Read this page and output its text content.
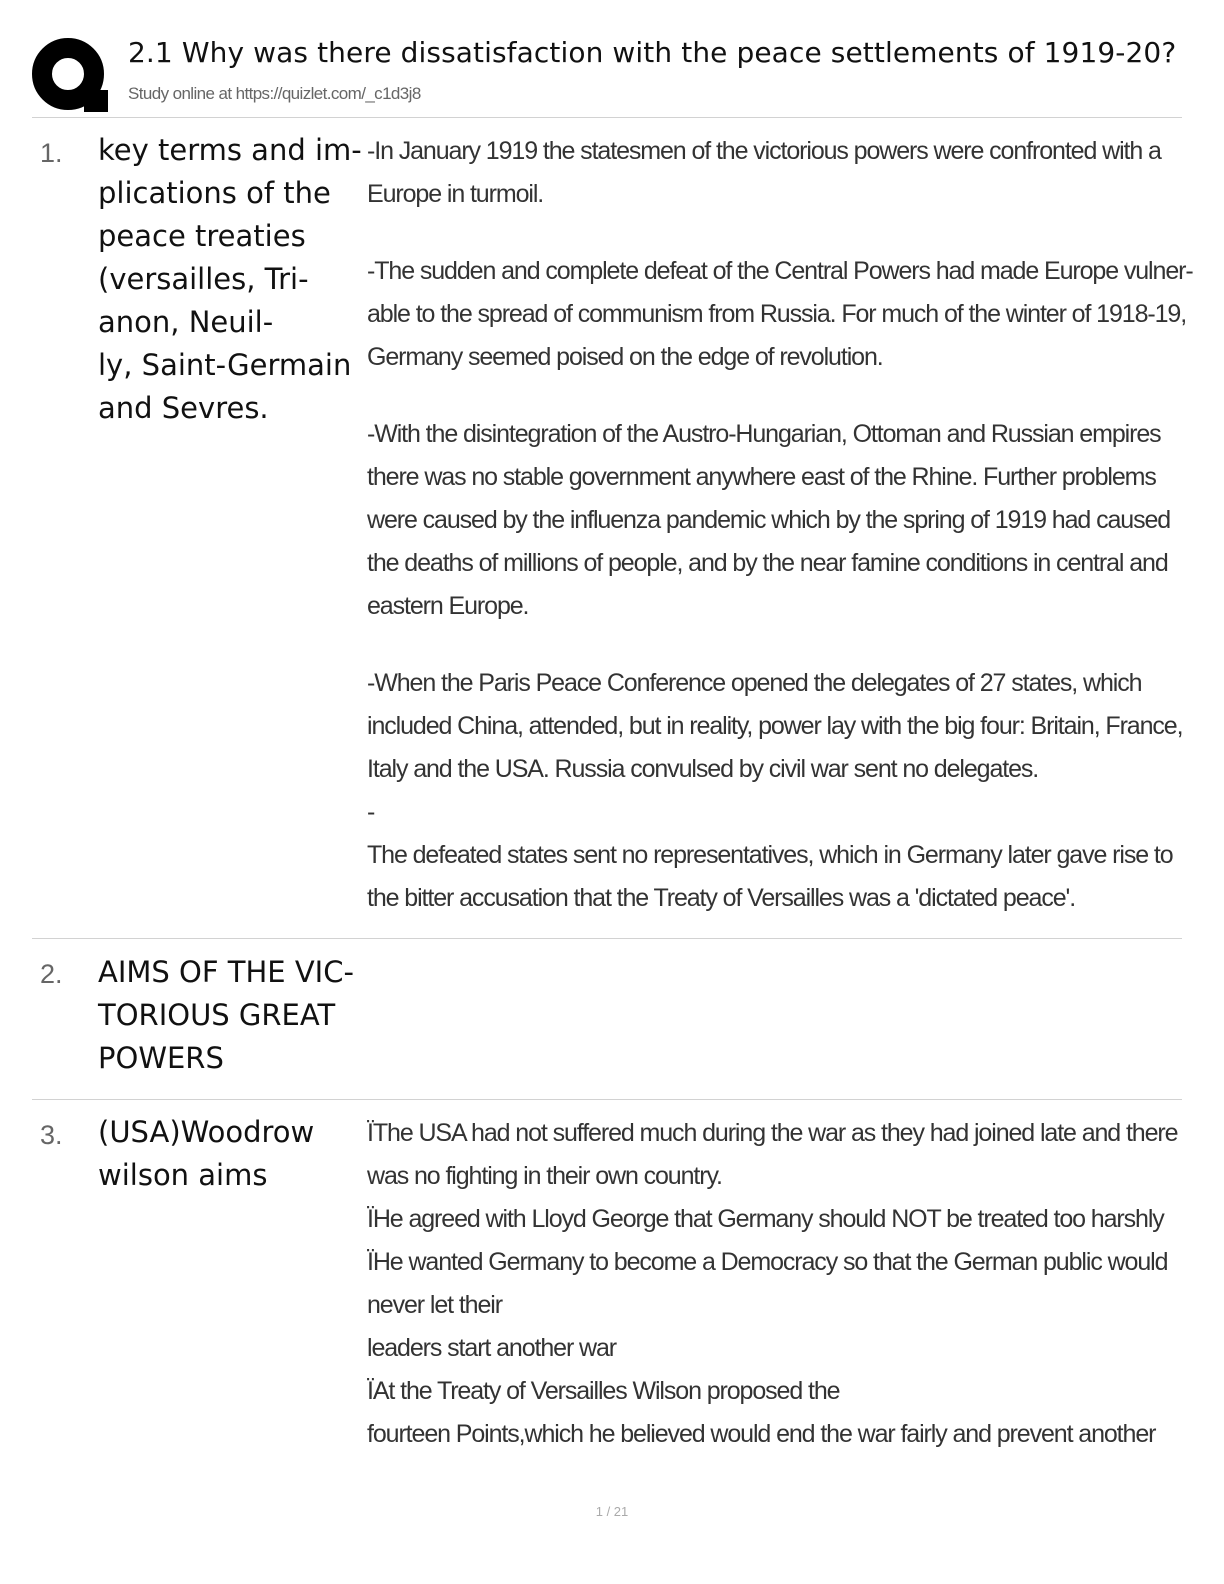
2.1 Why was there dissatisfaction with the peace settlements of 1919-20?
Study online at https://quizlet.com/_c1d3j8
1. key terms and im-
plications of the
peace treaties
(versailles, Tri-
anon, Neuil-
ly, Saint-Germain
and Sevres.
-In January 1919 the statesmen of the victorious powers were confronted with a
Europe in turmoil.
-The sudden and complete defeat of the Central Powers had made Europe vulner-
able to the spread of communism from Russia. For much of the winter of 1918-19,
Germany seemed poised on the edge of revolution.
-With the disintegration of the Austro-Hungarian, Ottoman and Russian empires
there was no stable government anywhere east of the Rhine. Further problems
were caused by the influenza pandemic which by the spring of 1919 had caused
the deaths of millions of people, and by the near famine conditions in central and
eastern Europe.
-When the Paris Peace Conference opened the delegates of 27 states, which
included China, attended, but in reality, power lay with the big four: Britain, France,
Italy and the USA. Russia convulsed by civil war sent no delegates.
-
The defeated states sent no representatives, which in Germany later gave rise to
the bitter accusation that the Treaty of Versailles was a 'dictated peace'.
2. AIMS OF THE VIC-
TORIOUS GREAT
POWERS
3. (USA)Woodrow
wilson aims
ÏThe USA had not suffered much during the war as they had joined late and there
was no fighting in their own country.
ÏHe agreed with Lloyd George that Germany should NOT be treated too harshly
ÏHe wanted Germany to become a Democracy so that the German public would
never let their
leaders start another war
ÏAt the Treaty of Versailles Wilson proposed the
fourteen Points,which he believed would end the war fairly and prevent another
1 / 21
